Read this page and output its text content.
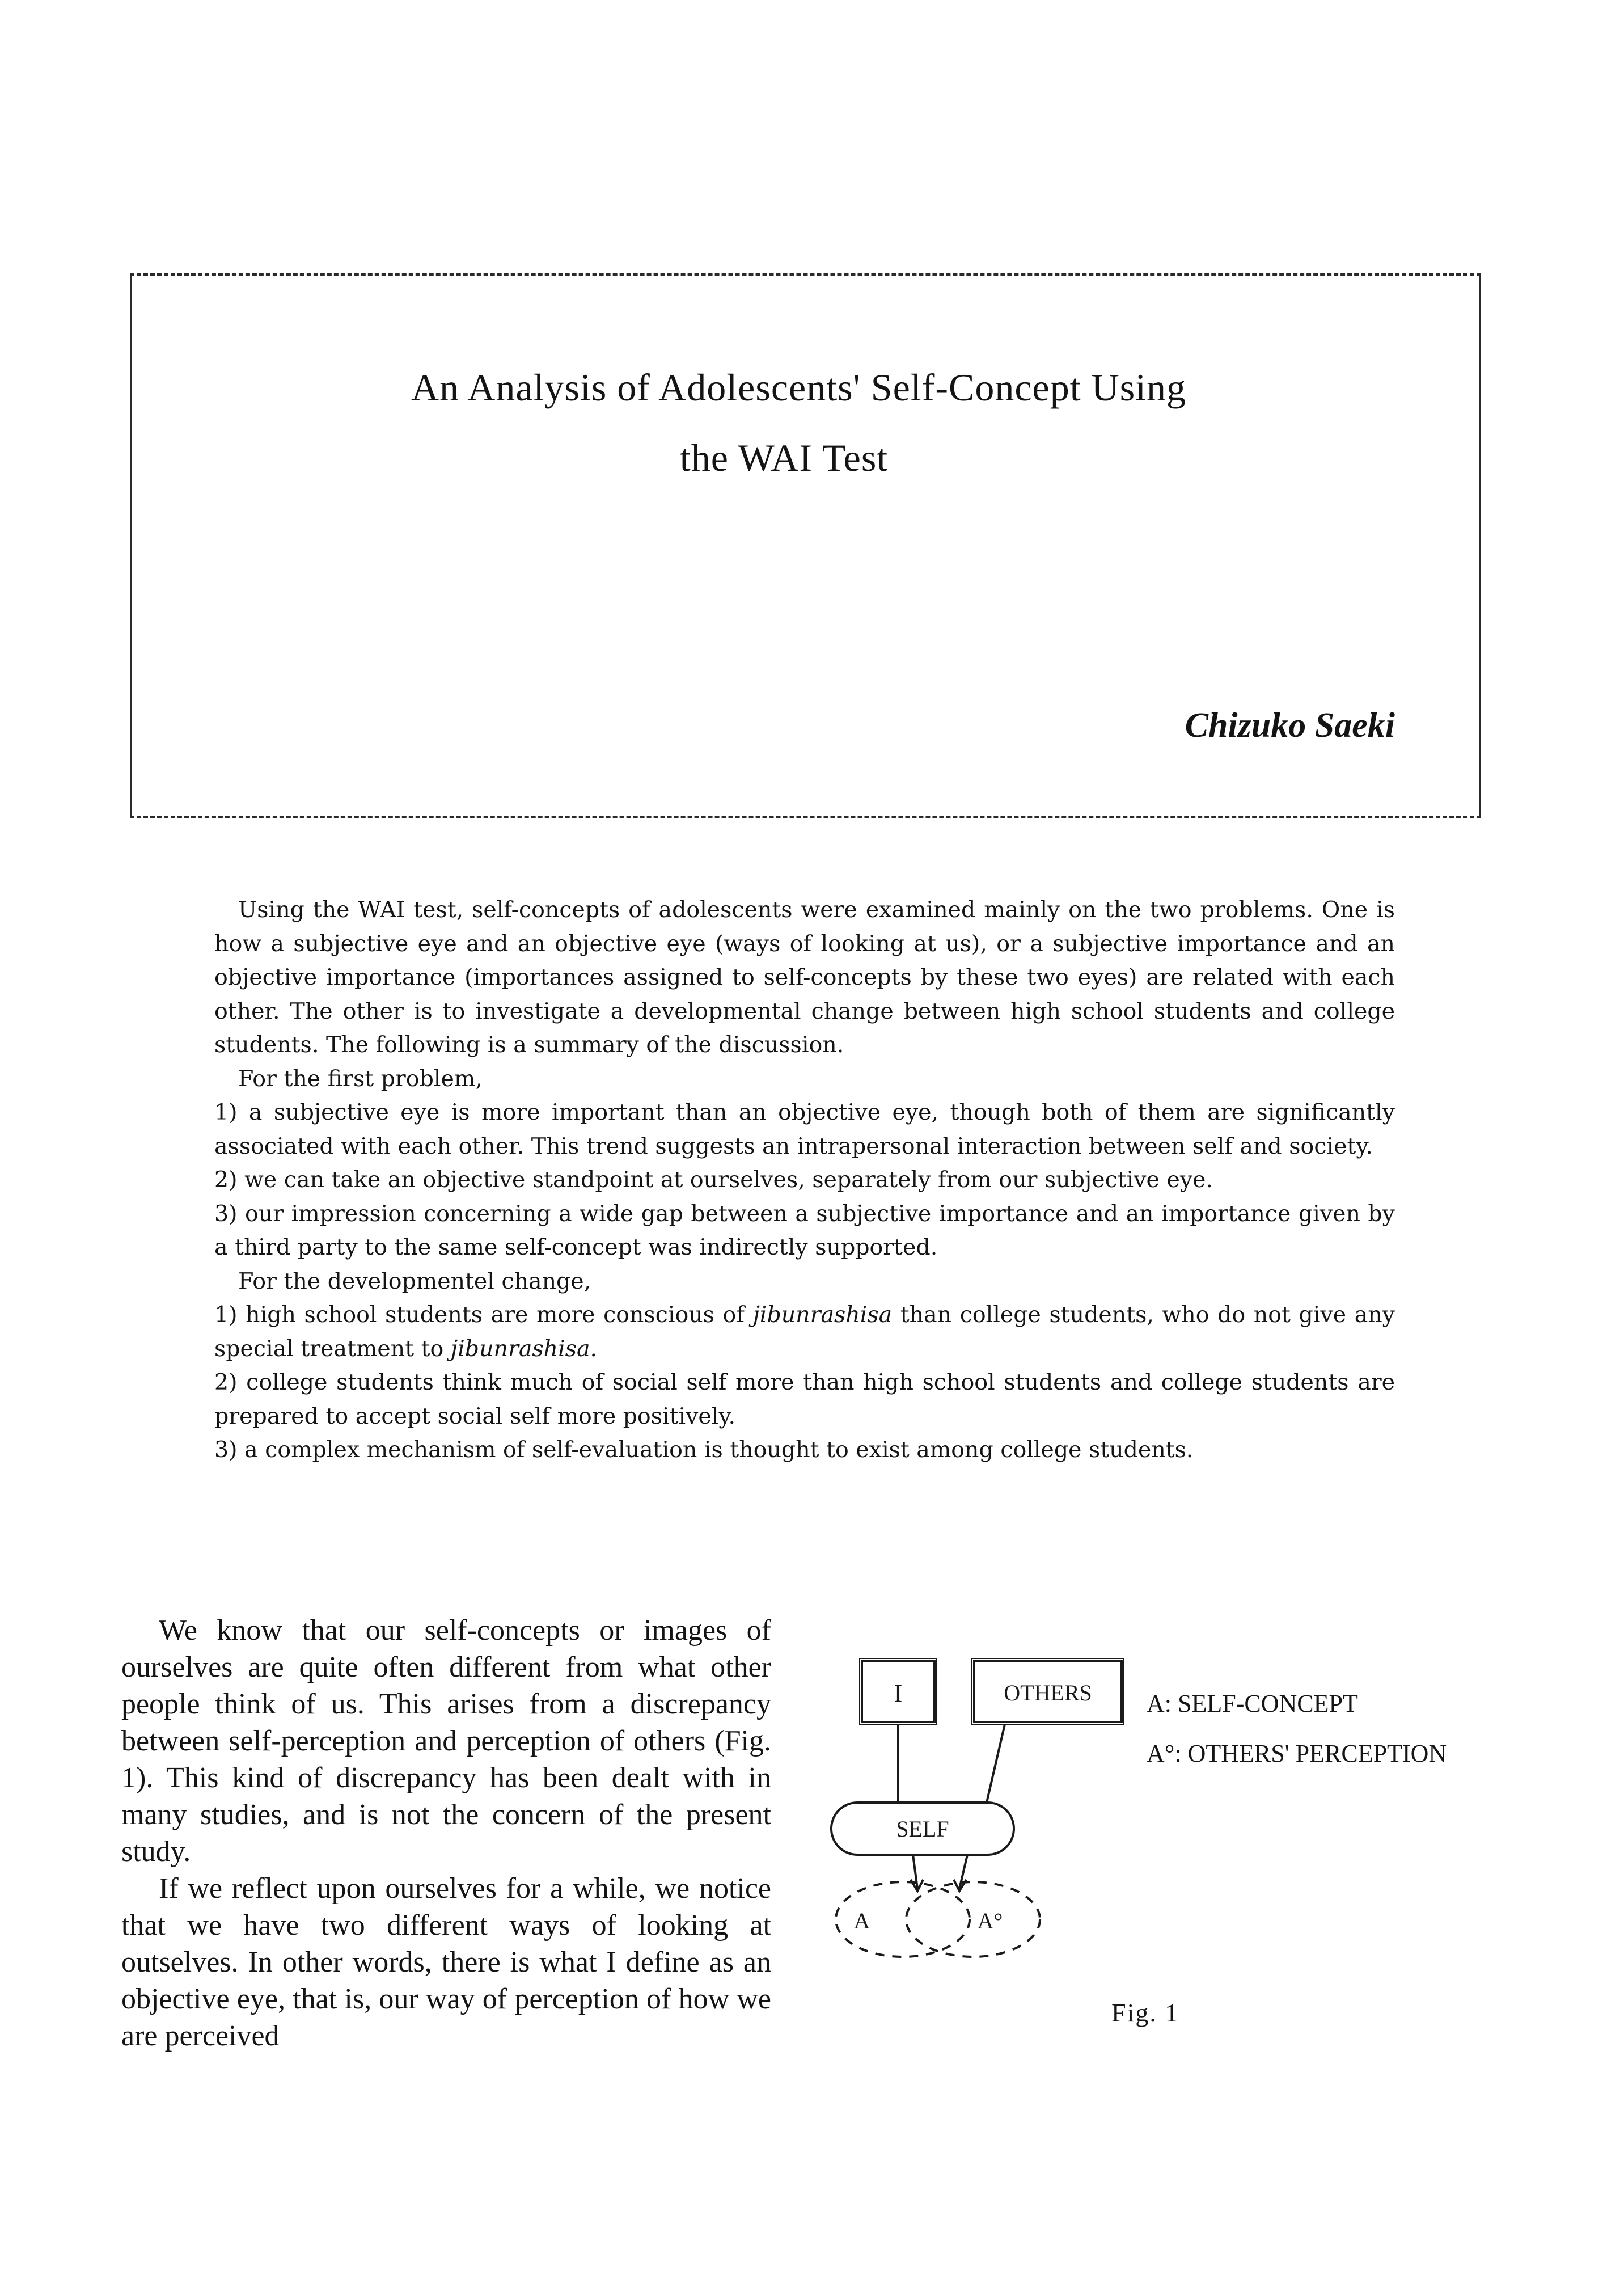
An Analysis of Adolescents' Self-Concept Using
the WAI Test
Chizuko Saeki

Using the WAI test, self-concepts of adolescents were examined mainly on the two problems. One is how a subjective eye and an objective eye (ways of looking at us), or a subjective importance and an objective importance (importances assigned to self-concepts by these two eyes) are related with each other. The other is to investigate a developmental change between high school students and college students. The following is a summary of the discussion.

For the first problem,

1) a subjective eye is more important than an objective eye, though both of them are significantly associated with each other. This trend suggests an intrapersonal interaction between self and society.

2) we can take an objective standpoint at ourselves, separately from our subjective eye.

3) our impression concerning a wide gap between a subjective importance and an importance given by a third party to the same self-concept was indirectly supported.

For the developmentel change,

1) high school students are more conscious of jibunrashisa than college students, who do not give any special treatment to jibunrashisa.

2) college students think much of social self more than high school students and college students are prepared to accept social self more positively.

3) a complex mechanism of self-evaluation is thought to exist among college students.

We know that our self-concepts or images of ourselves are quite often different from what other people think of us. This arises from a discrepancy between self-perception and perception of others (Fig. 1). This kind of discrepancy has been dealt with in many studies, and is not the concern of the present study.

If we reflect upon ourselves for a while, we notice that we have two different ways of looking at outselves. In other words, there is what I define as an objective eye, that is, our way of perception of how we are perceived

I	OTHERS
SELF
A	A°
A: SELF-CONCEPT
A°: OTHERS' PERCEPTION
Fig. 1
